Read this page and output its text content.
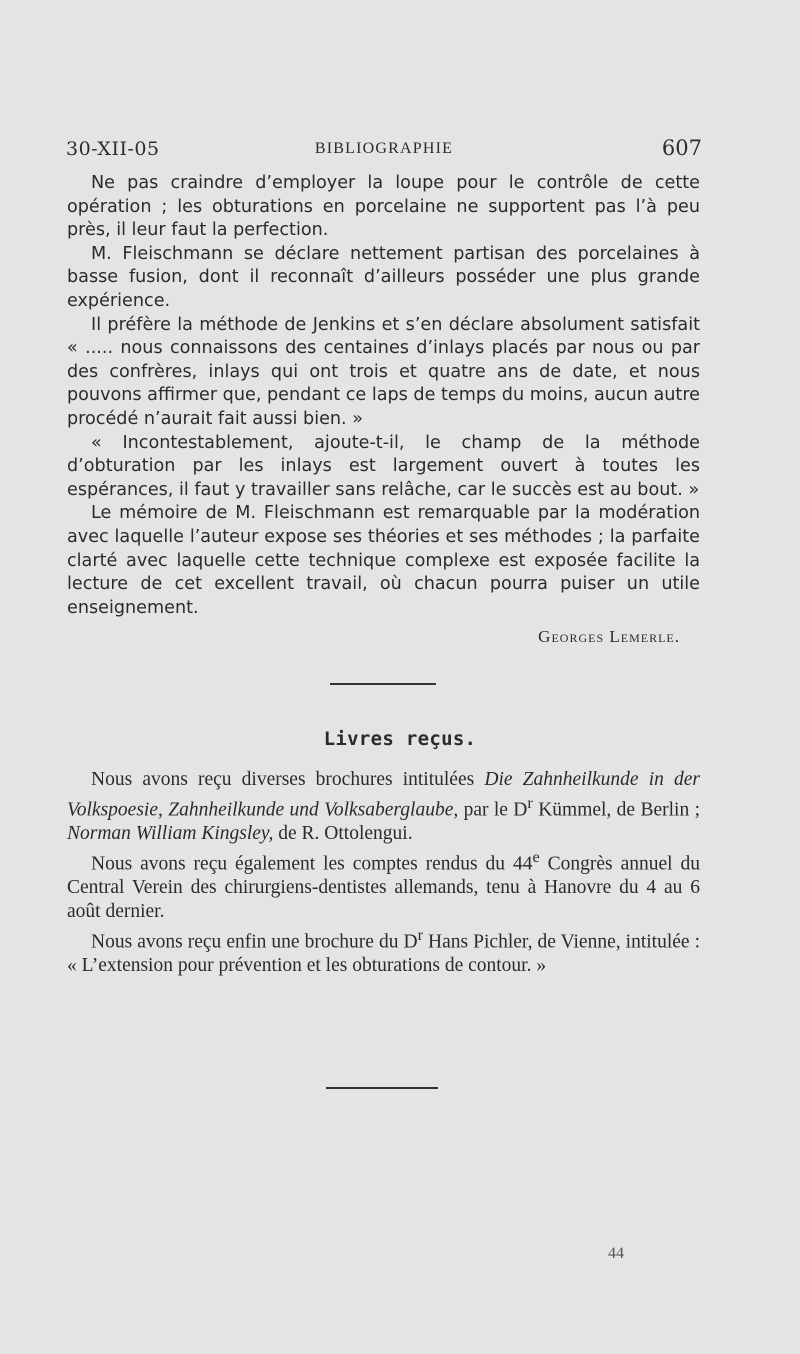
30-XII-05	BIBLIOGRAPHIE	607

Ne pas craindre d’employer la loupe pour le contrôle de cette opération ; les obturations en porcelaine ne supportent pas l’à peu près, il leur faut la perfection.

M. Fleischmann se déclare nettement partisan des porcelaines à basse fusion, dont il reconnaît d’ailleurs posséder une plus grande expérience.

Il préfère la méthode de Jenkins et s’en déclare absolument satisfait « ..... nous connaissons des centaines d’inlays placés par nous ou par des confrères, inlays qui ont trois et quatre ans de date, et nous pouvons affirmer que, pendant ce laps de temps du moins, aucun autre procédé n’aurait fait aussi bien. »

« Incontestablement, ajoute-t-il, le champ de la méthode d’obturation par les inlays est largement ouvert à toutes les espérances, il faut y travailler sans relâche, car le succès est au bout. »

Le mémoire de M. Fleischmann est remarquable par la modération avec laquelle l’auteur expose ses théories et ses méthodes ; la parfaite clarté avec laquelle cette technique complexe est exposée facilite la lecture de cet excellent travail, où chacun pourra puiser un utile enseignement.

Georges Lemerle.
Livres reçus.

Nous avons reçu diverses brochures intitulées Die Zahnheilkunde in der Volkspoesie, Zahnheilkunde und Volksaberglaube, par le $D^r$ Kümmel, de Berlin ; Norman William Kingsley, de R. Ottolengui.

Nous avons reçu également les comptes rendus du 44e Congrès annuel du Central Verein des chirurgiens-dentistes allemands, tenu à Hanovre du 4 au 6 août dernier.

Nous avons reçu enfin une brochure du $D^r$ Hans Pichler, de Vienne, intitulée : « L’extension pour prévention et les obturations de contour. »

44
